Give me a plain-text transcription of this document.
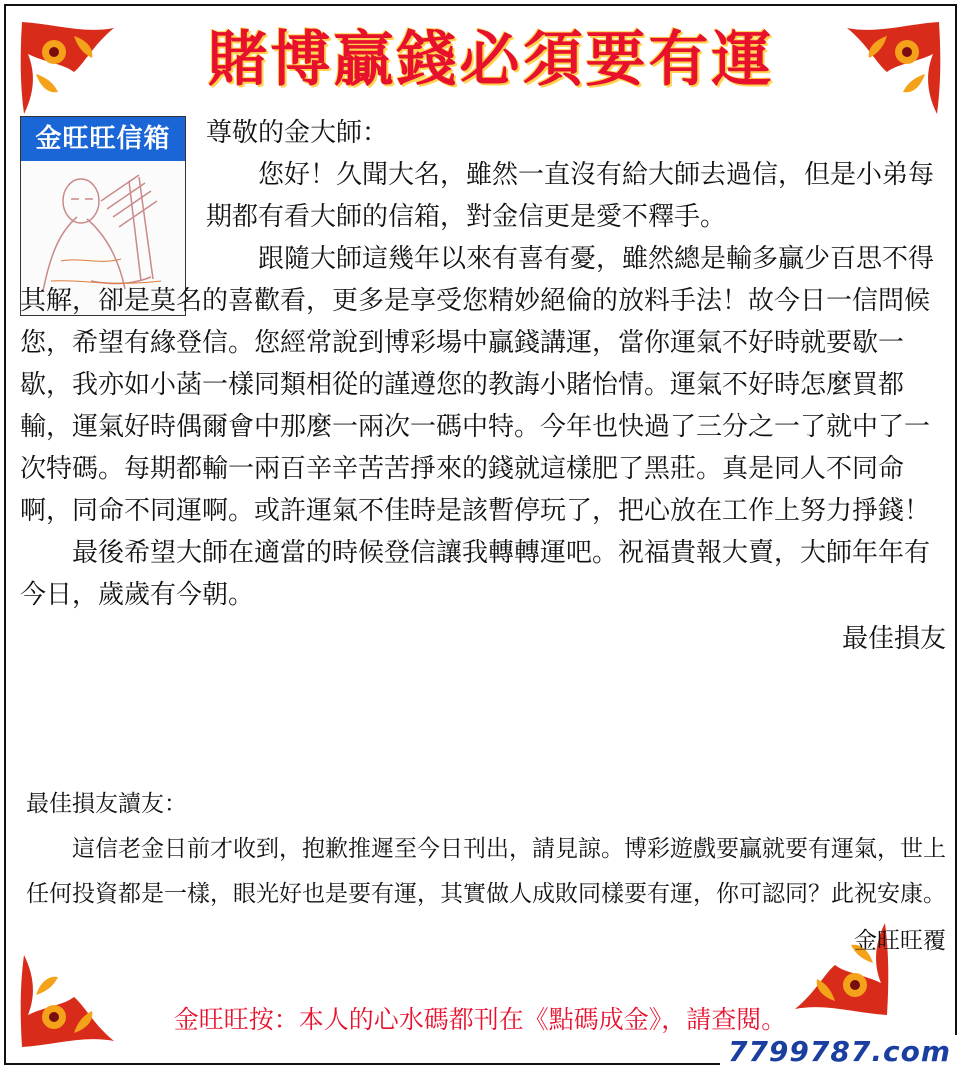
賭博贏錢必須要有運
金旺旺信箱	尊敬的金大師：

您好！久聞大名，雖然一直沒有給大師去過信，但是小弟每期都有看大師的信箱，對金信更是愛不釋手。

跟隨大師這幾年以來有喜有憂，雖然總是輸多贏少百思不得其解，卻是莫名的喜歡看，更多是享受您精妙絕倫的放料手法！故今日一信問候您，希望有緣登信。您經常說到博彩場中贏錢講運，當你運氣不好時就要歇一歇，我亦如小菡一樣同類相從的謹遵您的教誨小賭怡情。運氣不好時怎麼買都輸，運氣好時偶爾會中那麼一兩次一碼中特。今年也快過了三分之一了就中了一次特碼。每期都輸一兩百辛辛苦苦掙來的錢就這樣肥了黑莊。真是同人不同命啊，同命不同運啊。或許運氣不佳時是該暫停玩了，把心放在工作上努力掙錢！

最後希望大師在適當的時候登信讓我轉轉運吧。祝福貴報大賣，大師年年有今日，歲歲有今朝。

最佳損友

最佳損友讀友：

這信老金日前才收到，抱歉推遲至今日刊出，請見諒。博彩遊戲要贏就要有運氣，世上任何投資都是一樣，眼光好也是要有運，其實做人成敗同樣要有運，你可認同？此祝安康。

金旺旺覆

金旺旺按：本人的心水碼都刊在《點碼成金》，請查閱。
7799787.com
